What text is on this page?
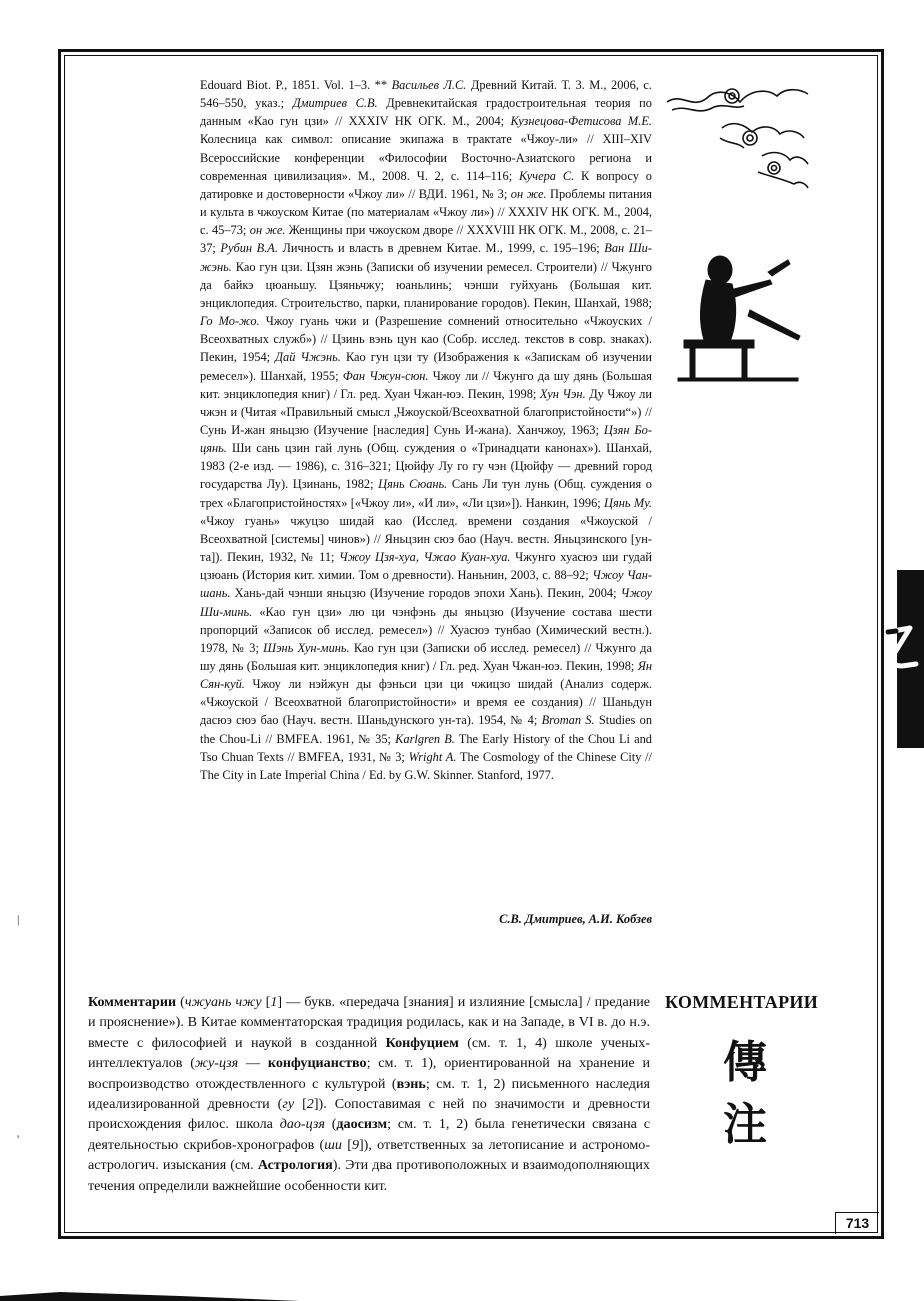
Edouard Biot. P., 1851. Vol. 1–3. ** Васильев Л.С. Древний Китай. Т. 3. М., 2006, с. 546–550, указ.; Дмитриев С.В. Древнекитайская градостроительная теория по данным «Као гун цзи» // XXXIV НК ОГК. М., 2004; Кузнецова-Фетисова М.Е. Колесница как символ: описание экипажа в трактате «Чжоу-ли» // XIII–XIV Всероссийские конференции «Философии Восточно-Азиатского региона и современная цивилизация». М., 2008. Ч. 2, с. 114–116; Кучера С. К вопросу о датировке и достоверности «Чжоу ли» // ВДИ. 1961, № 3; он же. Проблемы питания и культа в чжоуском Китае (по материалам «Чжоу ли») // XXXIV НК ОГК. М., 2004, с. 45–73; он же. Женщины при чжоуском дворе // XXXVIII НК ОГК. М., 2008, с. 21–37; Рубин В.А. Личность и власть в древнем Китае. М., 1999, с. 195–196; Ван Ши-жэнь. Као гун цзи. Цзян жэнь (Записки об изучении ремесел. Строители) // Чжунго да байкэ цюаньшу. Цзяньчжу; юаньлинь; чэнши гуйхуань (Большая кит. энциклопедия. Строительство, парки, планирование городов). Пекин, Шанхай, 1988; Го Мо-жо. Чжоу гуань чжи и (Разрешение сомнений относительно «Чжоуских / Всеохватных служб») // Цзинь вэнь цун као (Собр. исслед. текстов в совр. знаках). Пекин, 1954; Дай Чжэнь. Као гун цзи ту (Изображения к «Запискам об изучении ремесел»). Шанхай, 1955; Фан Чжун-сюн. Чжоу ли // Чжунго да шу дянь (Большая кит. энциклопедия книг) / Гл. ред. Хуан Чжан-юэ. Пекин, 1998; Хун Чэн. Ду Чжоу ли чжэн и (Читая «Правильный смысл „Чжоуской/Всеохватной благопристойности“») // Сунь И-жан яньцзю (Изучение [наследия] Сунь И-жана). Ханчжоу, 1963; Цзян Бо-цянь. Ши сань цзин гай лунь (Общ. суждения о «Тринадцати канонах»). Шанхай, 1983 (2-е изд. — 1986), с. 316–321; Цюйфу Лу го гу чэн (Цюйфу — древний город государства Лу). Цзинань, 1982; Цянь Сюань. Сань Ли тун лунь (Общ. суждения о трех «Благопристойностях» [«Чжоу ли», «И ли», «Ли цзи»]). Нанкин, 1996; Цянь Му. «Чжоу гуань» чжуцзо шидай као (Исслед. времени создания «Чжоуской / Всеохватной [системы] чинов») // Яньцзин сюэ бао (Науч. вестн. Яньцзинского [ун-та]). Пекин, 1932, № 11; Чжоу Цзя-хуа, Чжао Куан-хуа. Чжунго хуасюэ ши гудай цзюань (История кит. химии. Том о древности). Наньнин, 2003, с. 88–92; Чжоу Чан-шань. Хань-дай чэнши яньцзю (Изучение городов эпохи Хань). Пекин, 2004; Чжоу Ши-минь. «Као гун цзи» лю ци чэнфэнь ды яньцзю (Изучение состава шести пропорций «Записок об исслед. ремесел») // Хуасюэ тунбао (Химический вестн.). 1978, № 3; Шэнь Хун-минь. Као гун цзи (Записки об исслед. ремесел) // Чжунго да шу дянь (Большая кит. энциклопедия книг) / Гл. ред. Хуан Чжан-юэ. Пекин, 1998; Ян Сян-куй. Чжоу ли нэйжун ды фэньси цзи ци чжицзо шидай (Анализ содерж. «Чжоуской / Всеохватной благопристойности» и время ее создания) // Шаньдун дасюэ сюэ бао (Науч. вестн. Шаньдунского ун-та). 1954, № 4; Broman S. Studies on the Chou-Li // BMFEA. 1961, № 35; Karlgren B. The Early History of the Chou Li and Tso Chuan Texts // BMFEA, 1931, № 3; Wright A. The Cosmology of the Chinese City // The City in Late Imperial China / Ed. by G.W. Skinner. Stanford, 1977.

С.В. Дмитриев, А.И. Кобзев

Комментарии (чжуань чжу [1] — букв. «передача [знания] и излияние [смысла] / предание и прояснение»). В Китае комментаторская традиция родилась, как и на Западе, в VI в. до н.э. вместе с философией и наукой в созданной Конфуцием (см. т. 1, 4) школе ученых-интеллектуалов (жу-цзя — конфуцианство; см. т. 1), ориентированной на хранение и воспроизводство отождествленного с культурой (вэнь; см. т. 1, 2) письменного наследия идеализированной древности (гу [2]). Сопоставимая с ней по значимости и древности происхождения филос. школа дао-цзя (даосизм; см. т. 1, 2) была генетически связана с деятельностью скрибов-хронографов (ши [9]), ответственных за летописание и астрономо-астрологич. изыскания (см. Астрология). Эти два противоположных и взаимодополняющих течения определили важнейшие особенности кит.

КОММЕНТАРИИ
傳
注
713
|
'
